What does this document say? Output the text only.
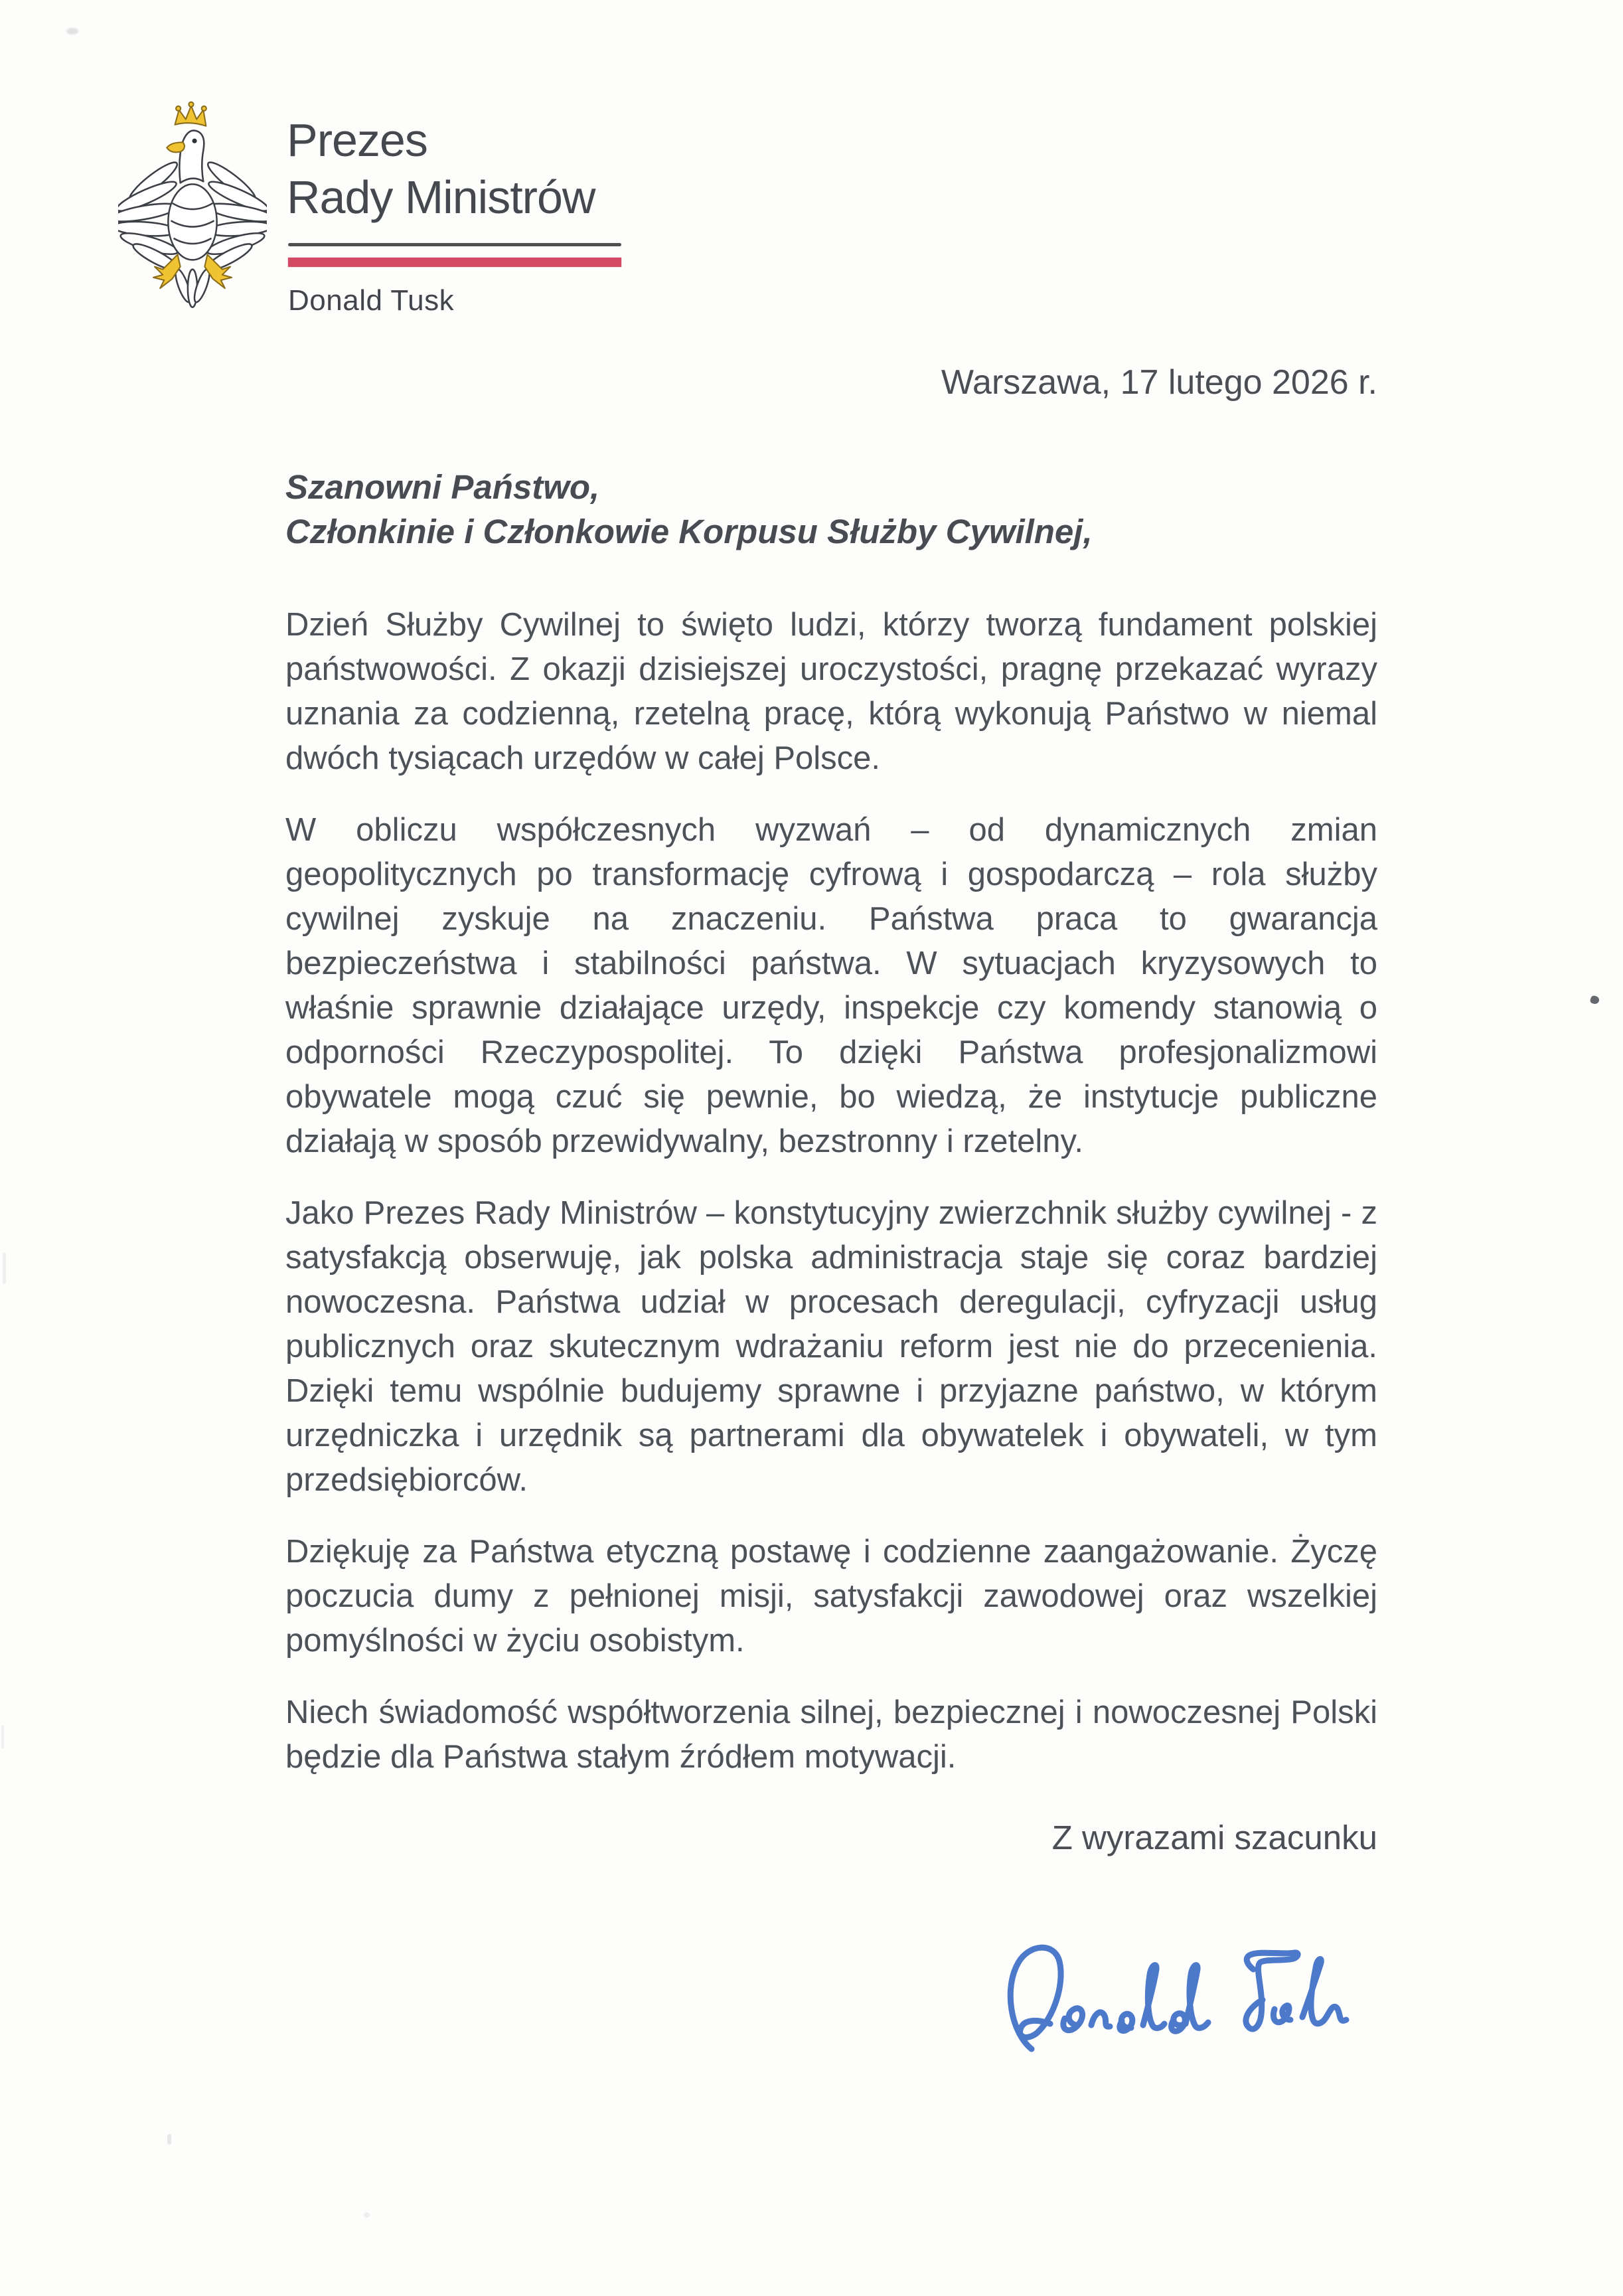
Prezes
Rady Ministrów
Donald Tusk
Warszawa, 17 lutego 2026 r.
Szanowni Państwo,
Członkinie i Członkowie Korpusu Służby Cywilnej,

Dzień Służby Cywilnej to święto ludzi, którzy tworzą fundament polskiej państwowości. Z okazji dzisiejszej uroczystości, pragnę przekazać wyrazy uznania za codzienną, rzetelną pracę, którą wykonują Państwo w niemal dwóch tysiącach urzędów w całej Polsce.

W obliczu współczesnych wyzwań – od dynamicznych zmian geopolitycznych po transformację cyfrową i gospodarczą – rola służby cywilnej zyskuje na znaczeniu. Państwa praca to gwarancja bezpieczeństwa i stabilności państwa. W sytuacjach kryzysowych to właśnie sprawnie działające urzędy, inspekcje czy komendy stanowią o odporności Rzeczypospolitej. To dzięki Państwa profesjonalizmowi obywatele mogą czuć się pewnie, bo wiedzą, że instytucje publiczne działają w sposób przewidywalny, bezstronny i rzetelny.

Jako Prezes Rady Ministrów – konstytucyjny zwierzchnik służby cywilnej - z satysfakcją obserwuję, jak polska administracja staje się coraz bardziej nowoczesna. Państwa udział w procesach deregulacji, cyfryzacji usług publicznych oraz skutecznym wdrażaniu reform jest nie do przecenienia. Dzięki temu wspólnie budujemy sprawne i przyjazne państwo, w którym urzędniczka i urzędnik są partnerami dla obywatelek i obywateli, w tym przedsiębiorców.

Dziękuję za Państwa etyczną postawę i codzienne zaangażowanie. Życzę poczucia dumy z pełnionej misji, satysfakcji zawodowej oraz wszelkiej pomyślności w życiu osobistym.

Niech świadomość współtworzenia silnej, bezpiecznej i nowoczesnej Polski będzie dla Państwa stałym źródłem motywacji.

Z wyrazami szacunku
